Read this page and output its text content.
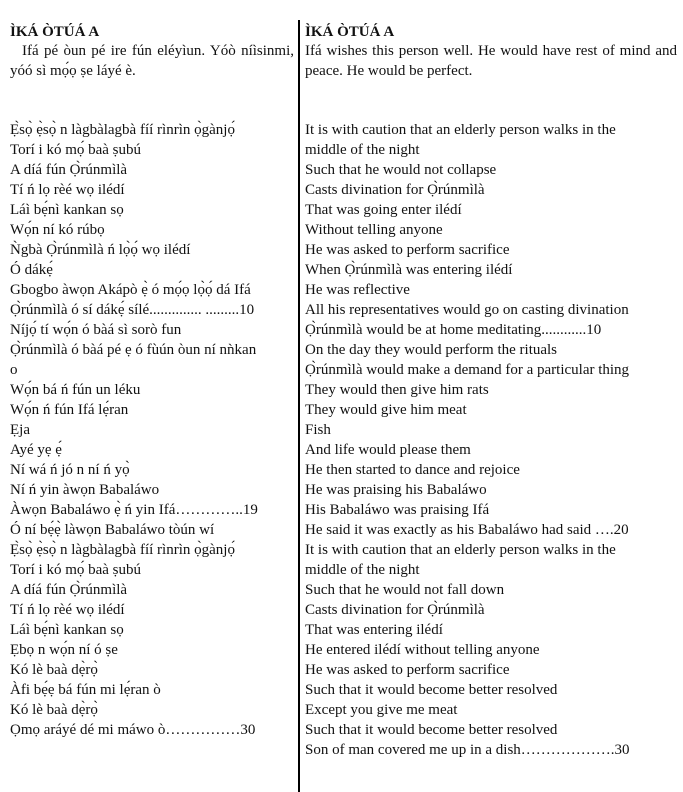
ÌKÁ ÒTÚÁ A
Ifá pé òun pé ire fún eléyìun. Yóò níìsinmi, yóó sì mọ́ọ ṣe láyé è.
Ẹ̀sọ̀ ẹ̀sọ̀ n làgbàlagbà fíí rìnrìn ọ̀gànjọ́
Torí i kó mọ́ baà ṣubú
A díá fún Ọ̀rúnmìlà
Tí ń lọ rèé wọ ilédí
Láì bẹ́nì kankan sọ
Wọ́n ní kó rúbọ
Ǹgbà Ọ̀rúnmìlà ń lọ̀ọ́ wọ ilédí
Ó dákẹ́
Gbogbo àwọn Akápò ẹ̀ ó mọ́ọ lọ̀ọ́ dá Ifá
Ọ̀rúnmìlà ó sí dákẹ́ sílé.............. .........10
Níjọ́ tí wọ́n ó bàá sì sorò fun
Ọ̀rúnmìlà ó bàá pé ẹ ó fùún òun ní nǹkan
o
Wọ́n bá ń fún un léku
Wọ́n ń fún Ifá lẹ́ran
Ẹja
Ayé yẹ ẹ́
Ní wá ń jó n ní ń yọ̀
Ní ń yin àwọn Babaláwo
Àwọn Babaláwo ẹ̀ ń yin Ifá…………..19
Ó ní bẹ́ẹ̀ làwọn Babaláwo tòún wí
Ẹ̀sọ̀ ẹ̀sọ̀ n làgbàlagbà fíí rìnrìn ọ̀gànjọ́
Torí i kó mọ́ baà ṣubú
A díá fún Ọ̀rúnmìlà
Tí ń lọ rèé wọ ilédí
Láì bẹ́nì kankan sọ
Ẹbọ n wọ́n ní ó ṣe
Kó lè baà dẹ̀rọ̀
Àfi bẹ́ẹ bá fún mi lẹ́ran ò
Kó lè baà dẹ̀rọ̀
Ọmọ aráyé dé mi máwo ò……………30
ÌKÁ ÒTÚÁ A
Ifá wishes this person well. He would have rest of mind and peace. He would be perfect.
It is with caution that an elderly person walks in the
middle of the night
Such that he would not collapse
Casts divination for Ọ̀rúnmìlà
That was going enter ilédí
Without telling anyone
He was asked to perform sacrifice
When Ọ̀rúnmìlà was entering ilédí
He was reflective
All his representatives would go on casting divination
Ọ̀rúnmìlà would be at home meditating............10
On the day they would perform the rituals
Ọ̀rúnmìlà would make a demand for a particular thing
They would then give him rats
They would give him meat
Fish
And life would please them
He then started to dance and rejoice
He was praising his Babaláwo
His Babaláwo was praising Ifá
He said it was exactly as his Babaláwo had said ….20
It is with caution that an elderly person walks in the
middle of the night
Such that he would not fall down
Casts divination for Ọ̀rúnmìlà
That was entering ilédí
He entered ilédí without telling anyone
He was asked to perform sacrifice
Such that it would become better resolved
Except you give me meat
Such that it would become better resolved
Son of man covered me up in a dish……………….30
